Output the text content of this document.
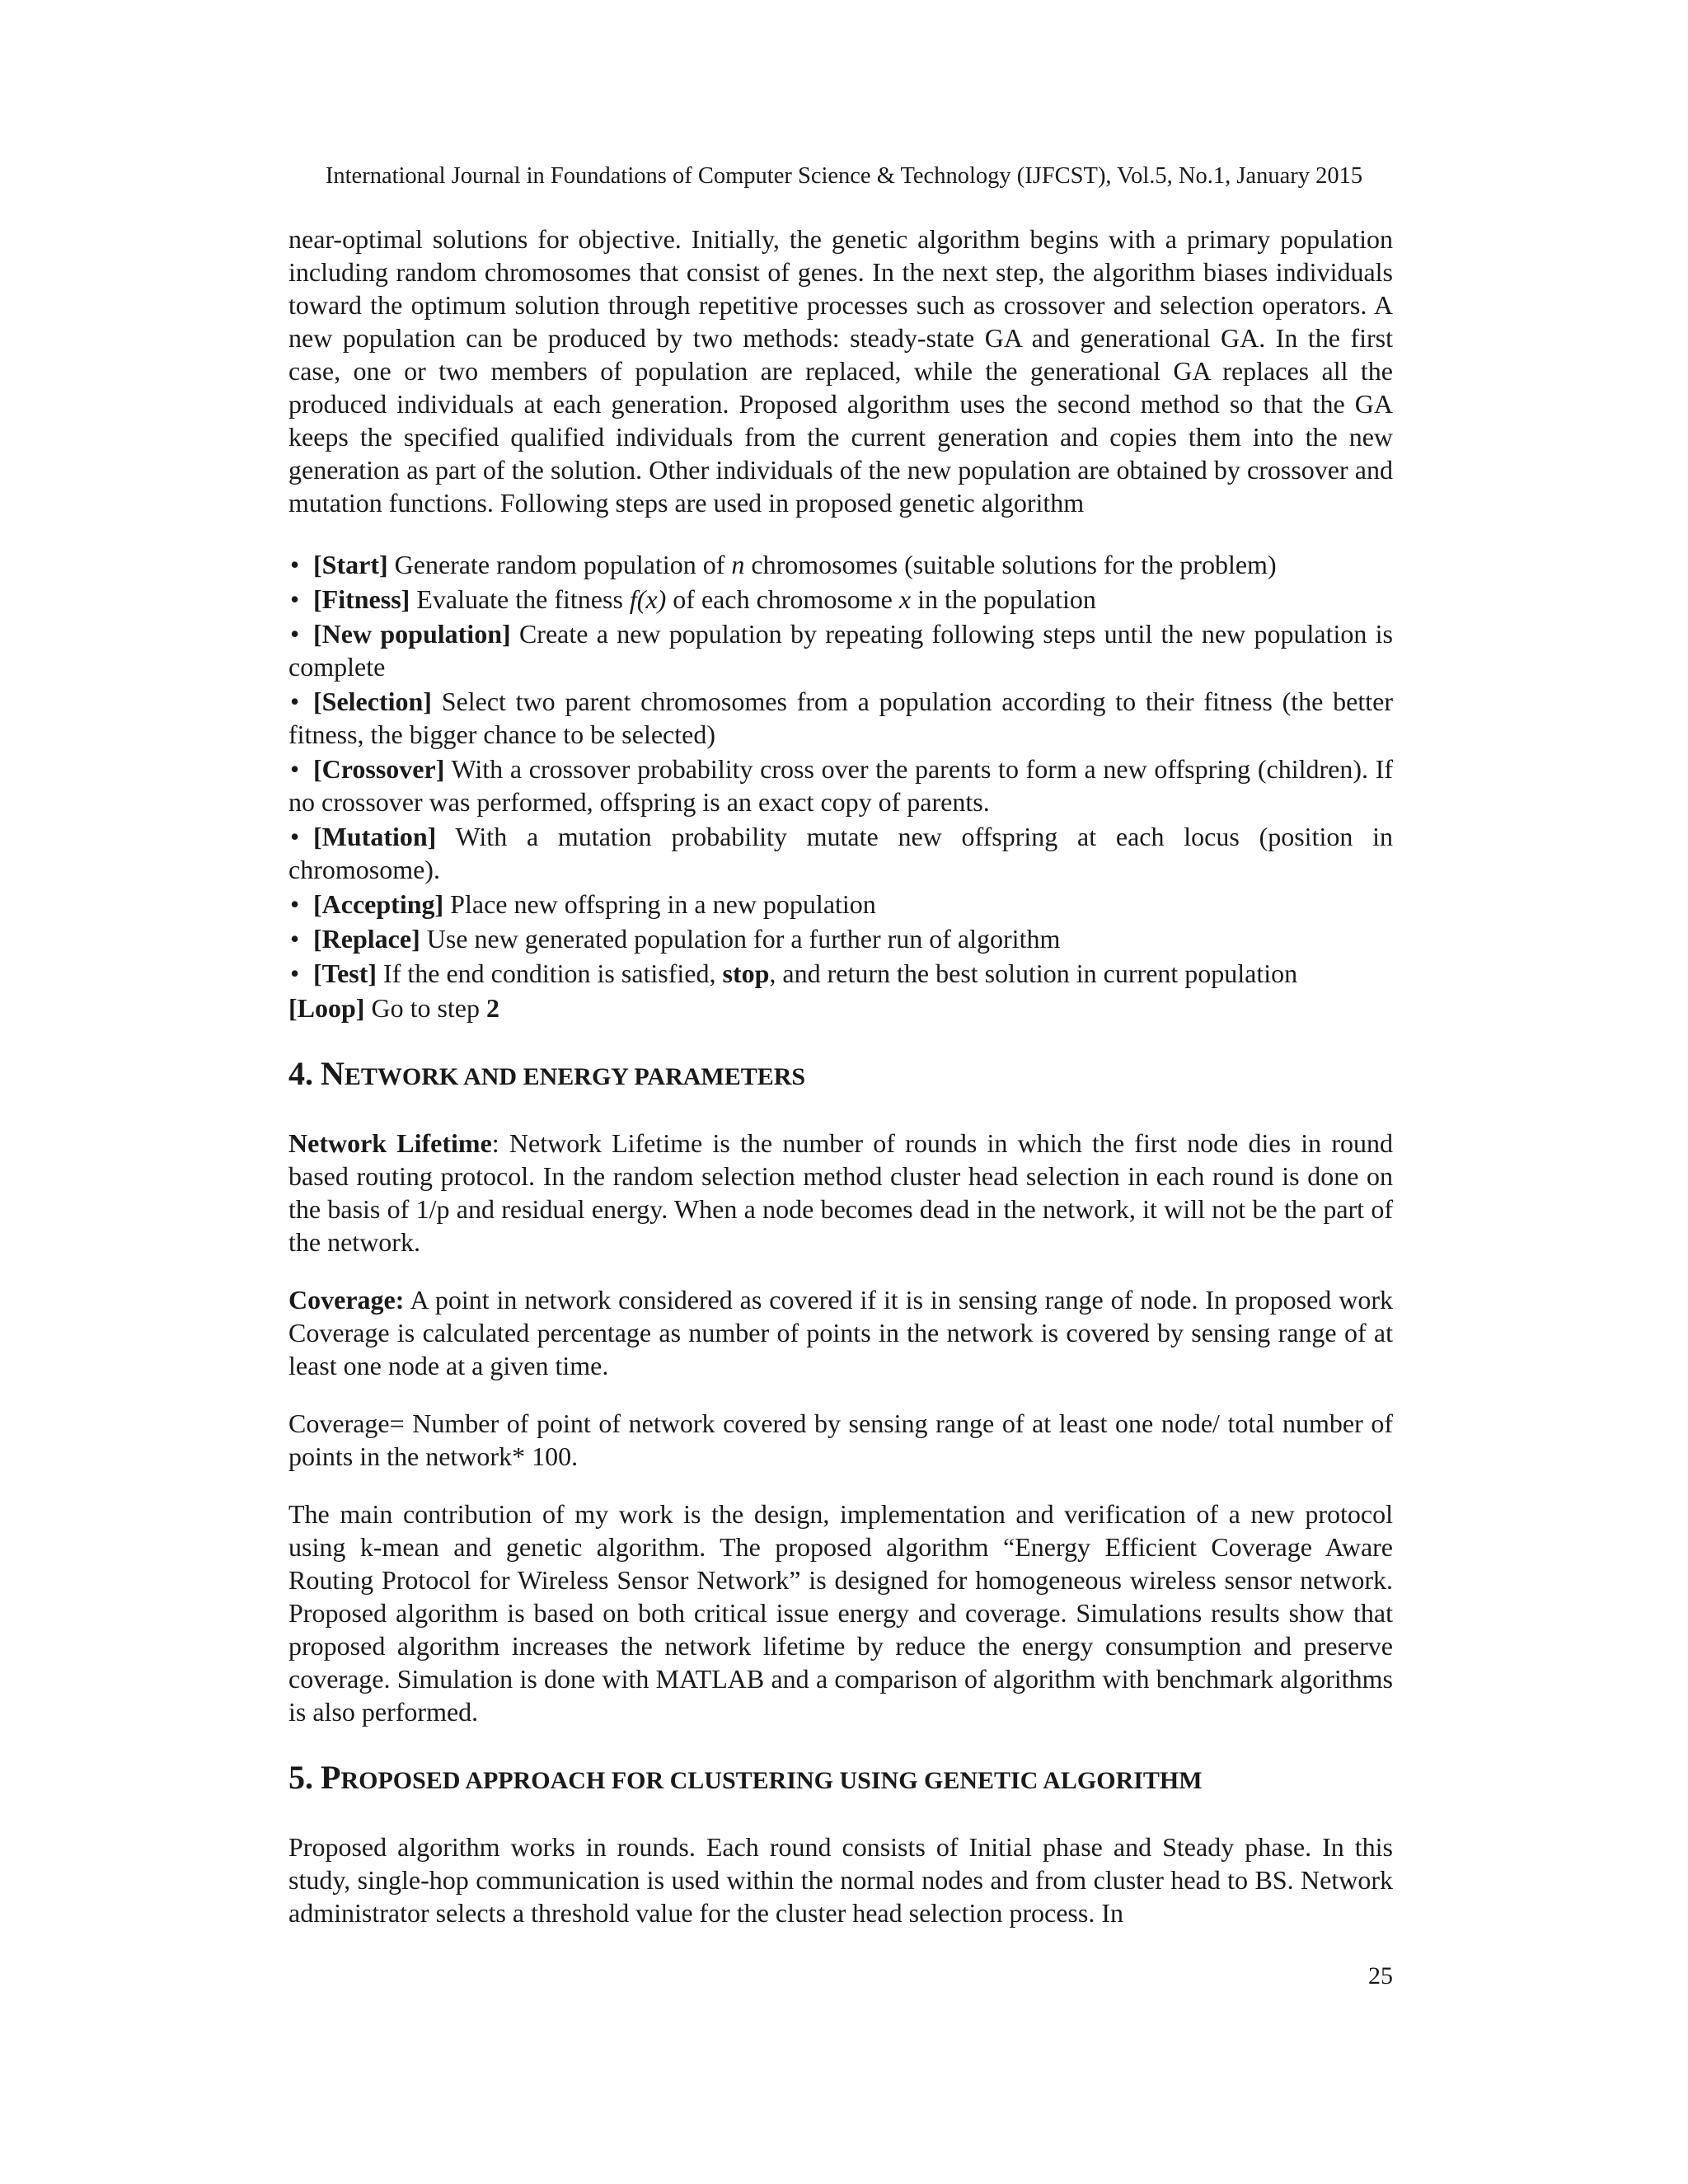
International Journal in Foundations of Computer Science & Technology (IJFCST), Vol.5, No.1, January 2015

near-optimal solutions for objective. Initially, the genetic algorithm begins with a primary population including random chromosomes that consist of genes. In the next step, the algorithm biases individuals toward the optimum solution through repetitive processes such as crossover and selection operators. A new population can be produced by two methods: steady-state GA and generational GA. In the first case, one or two members of population are replaced, while the generational GA replaces all the produced individuals at each generation. Proposed algorithm uses the second method so that the GA keeps the specified qualified individuals from the current generation and copies them into the new generation as part of the solution. Other individuals of the new population are obtained by crossover and mutation functions. Following steps are used in proposed genetic algorithm

• [Start] Generate random population of n chromosomes (suitable solutions for the problem)
• [Fitness] Evaluate the fitness f(x) of each chromosome x in the population
• [New population] Create a new population by repeating following steps until the new population is complete
• [Selection] Select two parent chromosomes from a population according to their fitness (the better fitness, the bigger chance to be selected)
• [Crossover] With a crossover probability cross over the parents to form a new offspring (children). If no crossover was performed, offspring is an exact copy of parents.
• [Mutation] With a mutation probability mutate new offspring at each locus (position in chromosome).
• [Accepting] Place new offspring in a new population
• [Replace] Use new generated population for a further run of algorithm
• [Test] If the end condition is satisfied, stop, and return the best solution in current population
[Loop] Go to step 2
4. NETWORK AND ENERGY PARAMETERS

Network Lifetime: Network Lifetime is the number of rounds in which the first node dies in round based routing protocol. In the random selection method cluster head selection in each round is done on the basis of 1/p and residual energy. When a node becomes dead in the network, it will not be the part of the network.

Coverage: A point in network considered as covered if it is in sensing range of node. In proposed work Coverage is calculated percentage as number of points in the network is covered by sensing range of at least one node at a given time.

Coverage= Number of point of network covered by sensing range of at least one node/ total number of points in the network* 100.

The main contribution of my work is the design, implementation and verification of a new protocol using k-mean and genetic algorithm. The proposed algorithm “Energy Efficient Coverage Aware Routing Protocol for Wireless Sensor Network” is designed for homogeneous wireless sensor network. Proposed algorithm is based on both critical issue energy and coverage. Simulations results show that proposed algorithm increases the network lifetime by reduce the energy consumption and preserve coverage. Simulation is done with MATLAB and a comparison of algorithm with benchmark algorithms is also performed.

5. PROPOSED APPROACH FOR CLUSTERING USING GENETIC ALGORITHM

Proposed algorithm works in rounds. Each round consists of Initial phase and Steady phase. In this study, single-hop communication is used within the normal nodes and from cluster head to BS. Network administrator selects a threshold value for the cluster head selection process. In

25
